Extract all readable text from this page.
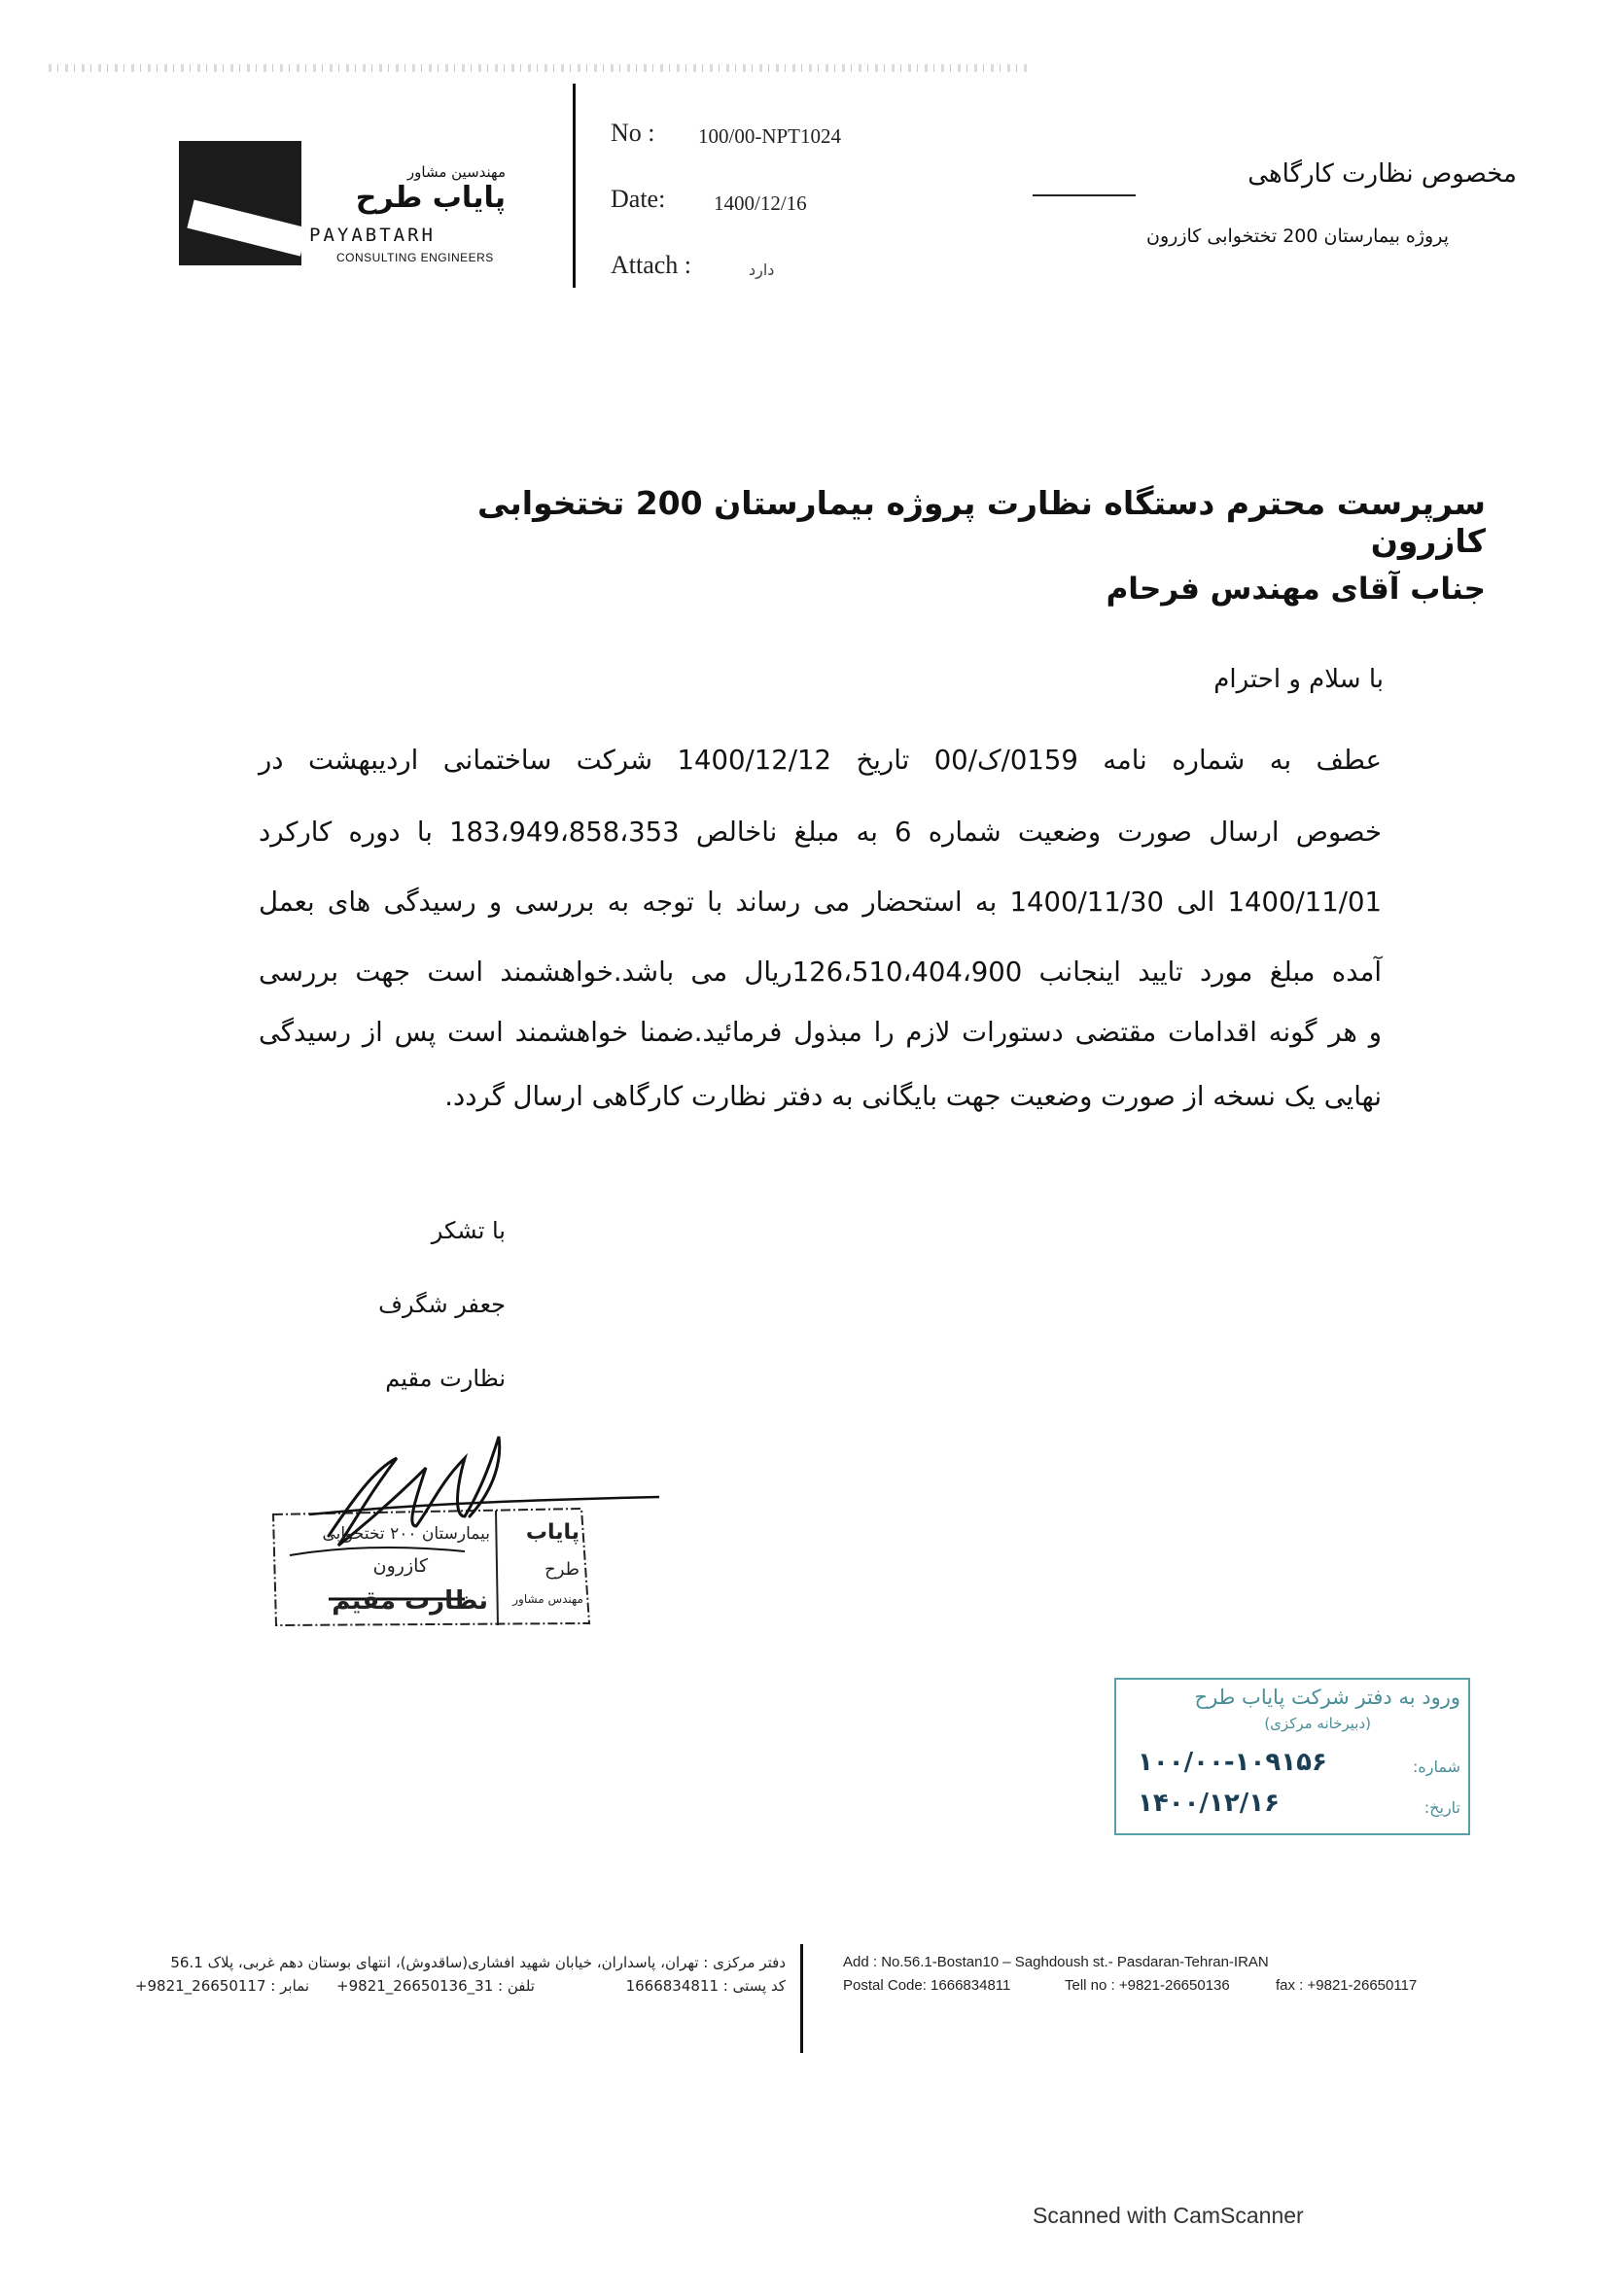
مهندسین مشاور
پایاب طرح
PAYABTARH
CONSULTING ENGINEERS
No : 100/00-NPT1024
Date: 1400/12/16
Attach :	دارد
مخصوص نظارت کارگاهی
پروژه بیمارستان 200 تختخوابی کازرون
سرپرست محترم دستگاه نظارت پروژه بیمارستان 200 تختخوابی کازرون
جناب آقای مهندس فرحام
با سلام و احترام
عطف به شماره نامه 0159/ک/00 تاریخ 1400/12/12 شرکت ساختمانی اردیبهشت در
خصوص ارسال صورت وضعیت شماره 6 به مبلغ ناخالص 183،949،858،353 با دوره کارکرد
1400/11/01 الی 1400/11/30 به استحضار می رساند با توجه به بررسی و رسیدگی های بعمل
آمده مبلغ مورد تایید اینجانب 126،510،404،900ریال می باشد.خواهشمند است جهت بررسی
و هر گونه اقدامات مقتضی دستورات لازم را مبذول فرمائید.ضمنا خواهشمند است پس از رسیدگی
نهایی یک نسخه از صورت وضعیت جهت بایگانی به دفتر نظارت کارگاهی ارسال گردد.
با تشکر
جعفر شگرف
نظارت مقیم
بیمارستان ۲۰۰ تختخوابی
کازرون
نظارت مقیم
پایاب
طرح
مهندس مشاور
ورود به دفتر شرکت پایاب طرح
(دبیرخانه مرکزی)
شماره:
۱۰۰/۰۰-۱۰۹۱۵۶
تاریخ:
۱۴۰۰/۱۲/۱۶
دفتر مرکزی : تهران، پاسداران، خیابان شهید افشاری(ساقدوش)، انتهای بوستان دهم غربی، پلاک 56.1
کد پستی : 1666834811
تلفن : 31_26650136_9821+
نمابر : 26650117_9821+
Add : No.56.1-Bostan10 – Saghdoush st.- Pasdaran-Tehran-IRAN
Postal Code: 1666834811	Tell no : +9821-26650136	fax : +9821-26650117
Scanned with CamScanner
